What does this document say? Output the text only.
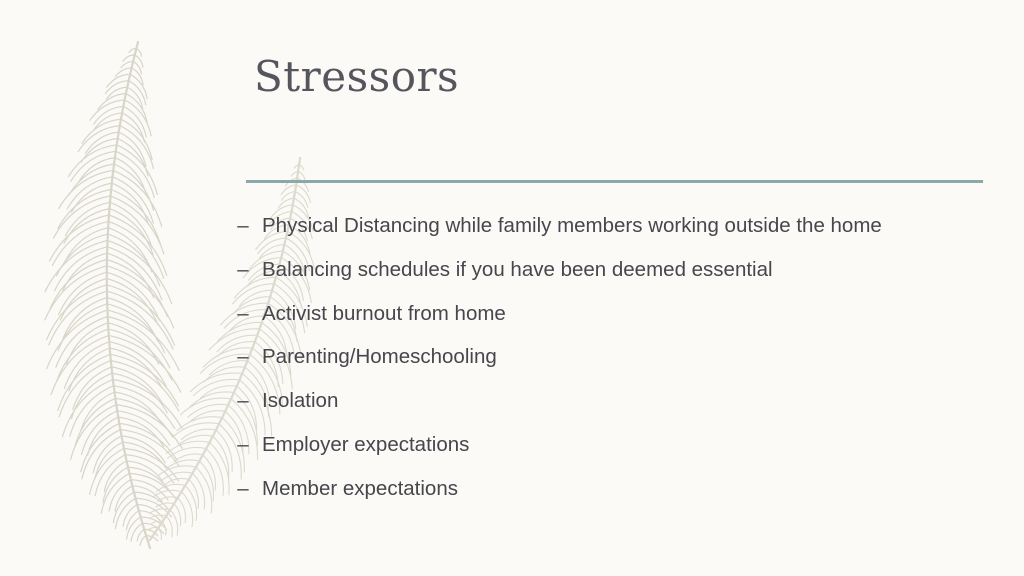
Stressors
– Physical Distancing while family members working outside the home
– Balancing schedules if you have been deemed essential
– Activist burnout from home
– Parenting/Homeschooling
– Isolation
– Employer expectations
– Member expectations
